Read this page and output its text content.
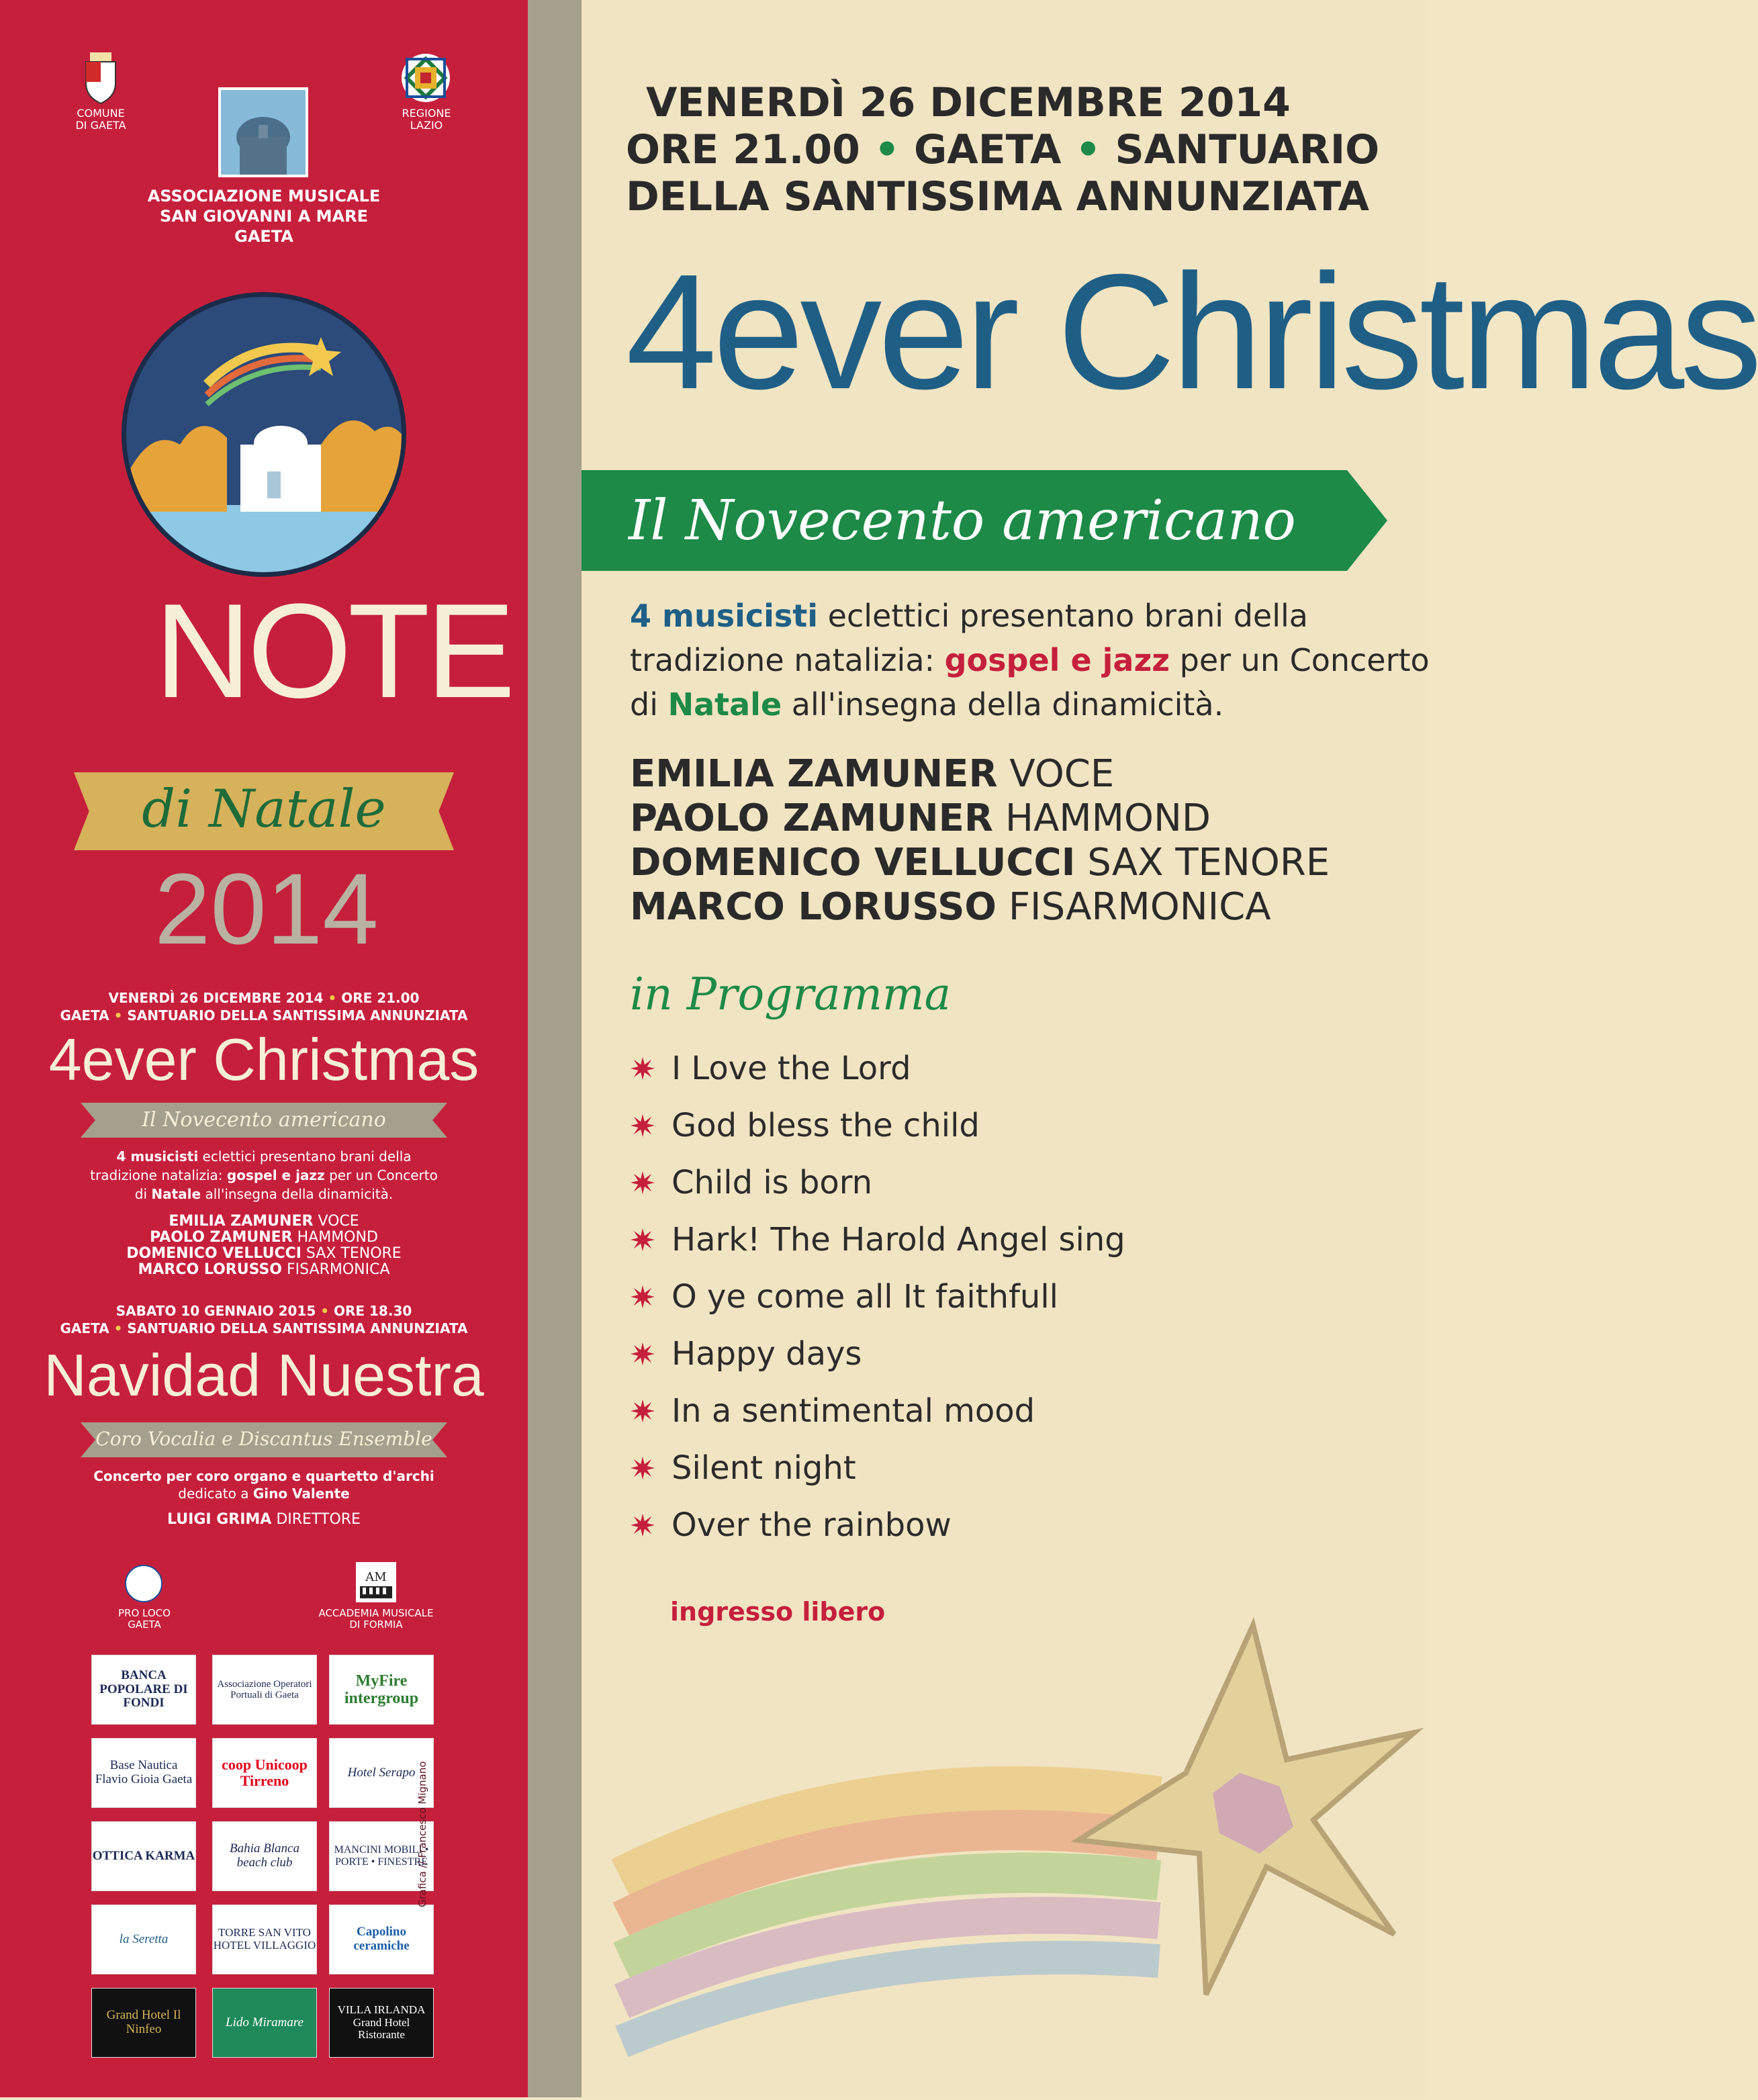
COMUNE
DI GAETA
REGIONE
LAZIO
ASSOCIAZIONE MUSICALE
SAN GIOVANNI A MARE
GAETA
NOTE
di Natale
2014
VENERDÌ 26 DICEMBRE 2014 • ORE 21.00
GAETA • SANTUARIO DELLA SANTISSIMA ANNUNZIATA
4ever Christmas
Il Novecento americano
4 musicisti eclettici presentano brani della
tradizione natalizia: gospel e jazz per un Concerto
di Natale all'insegna della dinamicità.
EMILIA ZAMUNER VOCE
PAOLO ZAMUNER HAMMOND
DOMENICO VELLUCCI SAX TENORE
MARCO LORUSSO FISARMONICA
SABATO 10 GENNAIO 2015 • ORE 18.30
GAETA • SANTUARIO DELLA SANTISSIMA ANNUNZIATA
Navidad Nuestra
Coro Vocalia e Discantus Ensemble
Concerto per coro organo e quartetto d'archi
dedicato a Gino Valente
LUIGI GRIMA DIRETTORE
PRO LOCO
GAETA
AM
ACCADEMIA MUSICALE
DI FORMIA
BANCA POPOLARE DI FONDI
Associazione Operatori Portuali di Gaeta
MyFire intergroup
Base Nautica Flavio Gioia Gaeta
coop Unicoop Tirreno	Hotel Serapo
OTTICA KARMA	Bahia Blanca beach club
MANCINI MOBILI • PORTE • FINESTRE
la Seretta	TORRE SAN VITO HOTEL VILLAGGIO
Capolino ceramiche
Grand Hotel Il Ninfeo	Lido Miramare
VILLA IRLANDA Grand Hotel Ristorante
Grafica // Francesco Mignano
VENERDÌ 26 DICEMBRE 2014
ORE 21.00 • GAETA • SANTUARIO
DELLA SANTISSIMA ANNUNZIATA
4ever Christmas
Il Novecento americano
4 musicisti eclettici presentano brani della
tradizione natalizia: gospel e jazz per un Concerto
di Natale all'insegna della dinamicità.
EMILIA ZAMUNER VOCE
PAOLO ZAMUNER HAMMOND
DOMENICO VELLUCCI SAX TENORE
MARCO LORUSSO FISARMONICA
in Programma
I Love the Lord
God bless the child
Child is born
Hark! The Harold Angel sing
O ye come all It faithfull
Happy days
In a sentimental mood
Silent night
Over the rainbow
ingresso libero
